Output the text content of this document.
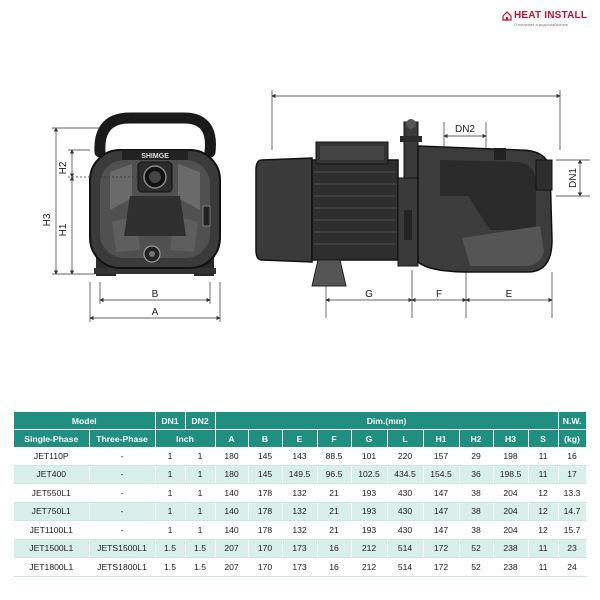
HEAT INSTALL
Отопление и водоснабжение
SHIMGE
H2
H1
H3
B
A
DN2
DN1
G	F	E
Model		DN1	DN2	Dim.(mm)										N.W.
Single-Phase	Three-Phase	Inch		A	B	E	F	G	L	H1	H2	H3	S	(kg)
JET110P	-	1	1	180	145	143	88.5	101	220	157	29	198	11	16
JET400	-	1	1	180	145	149.5	96.5	102.5	434.5	154.5	36	198.5	11	17
JET550L1	-	1	1	140	178	132	21	193	430	147	38	204	12	13.3
JET750L1	-	1	1	140	178	132	21	193	430	147	38	204	12	14.7
JET1100L1	-	1	1	140	178	132	21	193	430	147	38	204	12	15.7
JET1500L1	JETS1500L1	1.5	1.5	207	170	173	16	212	514	172	52	238	11	23
JET1800L1	JETS1800L1	1.5	1.5	207	170	173	16	212	514	172	52	238	11	24
